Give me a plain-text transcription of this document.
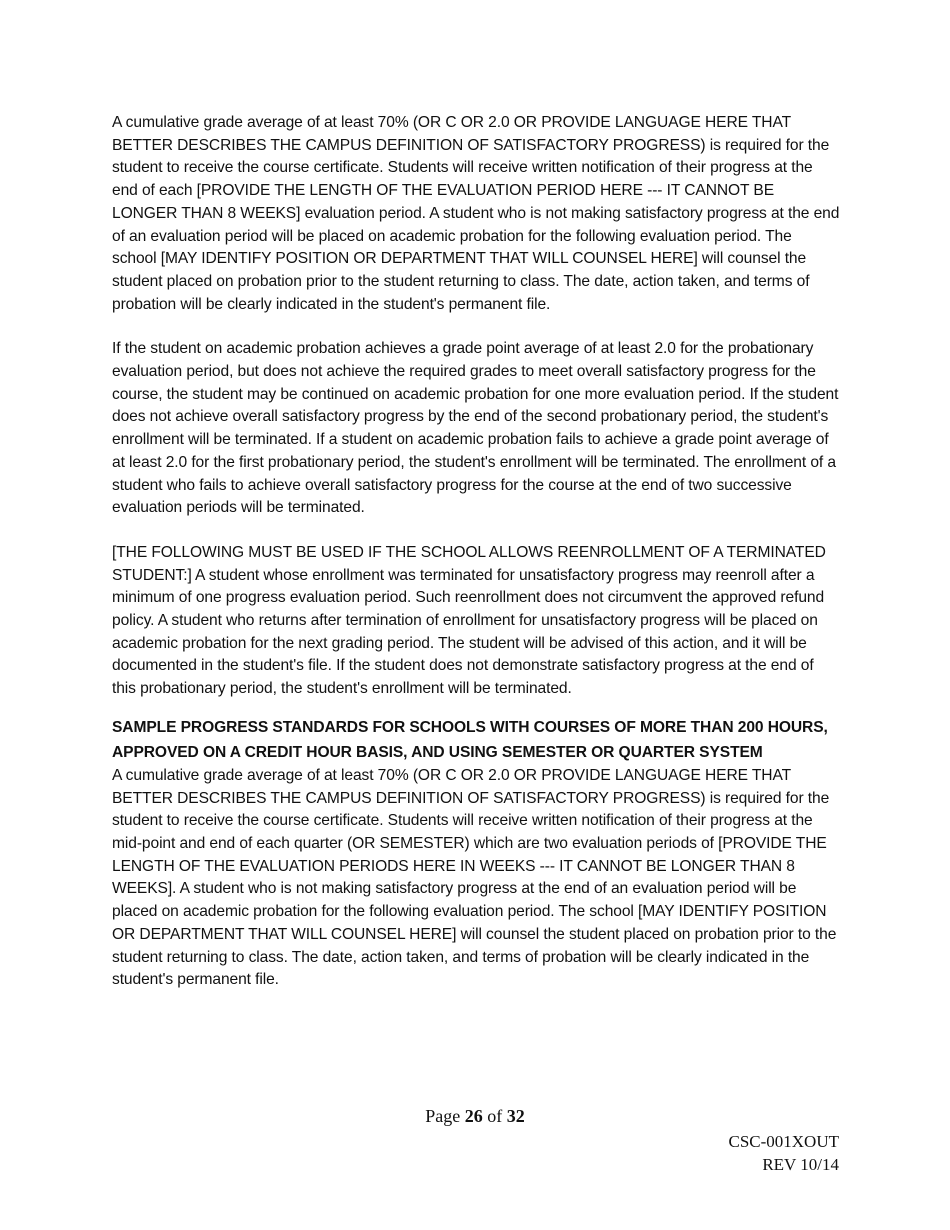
A cumulative grade average of at least 70% (OR C OR 2.0 OR PROVIDE LANGUAGE HERE THAT BETTER DESCRIBES THE CAMPUS DEFINITION OF SATISFACTORY PROGRESS) is required for the student to receive the course certificate. Students will receive written notification of their progress at the end of each [PROVIDE THE LENGTH OF THE EVALUATION PERIOD HERE --- IT CANNOT BE LONGER THAN 8 WEEKS] evaluation period. A student who is not making satisfactory progress at the end of an evaluation period will be placed on academic probation for the following evaluation period. The school [MAY IDENTIFY POSITION OR DEPARTMENT THAT WILL COUNSEL HERE] will counsel the student placed on probation prior to the student returning to class. The date, action taken, and terms of probation will be clearly indicated in the student's permanent file.

If the student on academic probation achieves a grade point average of at least 2.0 for the probationary evaluation period, but does not achieve the required grades to meet overall satisfactory progress for the course, the student may be continued on academic probation for one more evaluation period. If the student does not achieve overall satisfactory progress by the end of the second probationary period, the student's enrollment will be terminated. If a student on academic probation fails to achieve a grade point average of at least 2.0 for the first probationary period, the student's enrollment will be terminated. The enrollment of a student who fails to achieve overall satisfactory progress for the course at the end of two successive evaluation periods will be terminated.

[THE FOLLOWING MUST BE USED IF THE SCHOOL ALLOWS REENROLLMENT OF A TERMINATED STUDENT:] A student whose enrollment was terminated for unsatisfactory progress may reenroll after a minimum of one progress evaluation period. Such reenrollment does not circumvent the approved refund policy. A student who returns after termination of enrollment for unsatisfactory progress will be placed on academic probation for the next grading period. The student will be advised of this action, and it will be documented in the student's file. If the student does not demonstrate satisfactory progress at the end of this probationary period, the student's enrollment will be terminated.

SAMPLE PROGRESS STANDARDS FOR SCHOOLS WITH COURSES OF MORE THAN 200 HOURS, APPROVED ON A CREDIT HOUR BASIS, AND USING SEMESTER OR QUARTER SYSTEM

A cumulative grade average of at least 70% (OR C OR 2.0 OR PROVIDE LANGUAGE HERE THAT BETTER DESCRIBES THE CAMPUS DEFINITION OF SATISFACTORY PROGRESS) is required for the student to receive the course certificate. Students will receive written notification of their progress at the mid-point and end of each quarter (OR SEMESTER) which are two evaluation periods of [PROVIDE THE LENGTH OF THE EVALUATION PERIODS HERE IN WEEKS --- IT CANNOT BE LONGER THAN 8 WEEKS]. A student who is not making satisfactory progress at the end of an evaluation period will be placed on academic probation for the following evaluation period. The school [MAY IDENTIFY POSITION OR DEPARTMENT THAT WILL COUNSEL HERE] will counsel the student placed on probation prior to the student returning to class. The date, action taken, and terms of probation will be clearly indicated in the student's permanent file.

Page 26 of 32
CSC-001XOUT
REV 10/14
